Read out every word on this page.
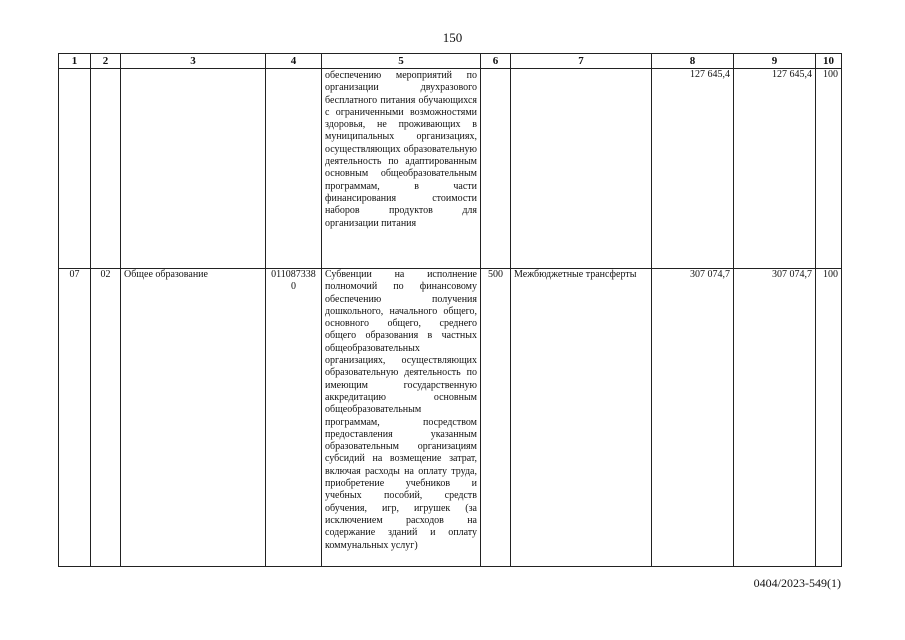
150
1	2	3	4	5	6	7	8	9	10
				обеспечению мероприятий по организации двухразового бесплатного питания обучающихся с ограниченными возможностями здоровья, не проживающих в муниципальных организациях, осуществляющих образовательную деятельность по адаптированным основным общеобразовательным программам, в части финансирования стоимости наборов продуктов для организации питания			127 645,4	127 645,4	100
07	02	Общее образование	0110873380	Субвенции на исполнение полномочий по финансовому обеспечению получения дошкольного, начального общего, основного общего, среднего общего образования в частных общеобразовательных организациях, осуществляющих образовательную деятельность по имеющим государственную аккредитацию основным общеобразовательным программам, посредством предоставления указанным образовательным организациям субсидий на возмещение затрат, включая расходы на оплату труда, приобретение учебников и учебных пособий, средств обучения, игр, игрушек (за исключением расходов на содержание зданий и оплату коммунальных услуг)	500	Межбюджетные трансферты	307 074,7	307 074,7	100
0404/2023-549(1)
